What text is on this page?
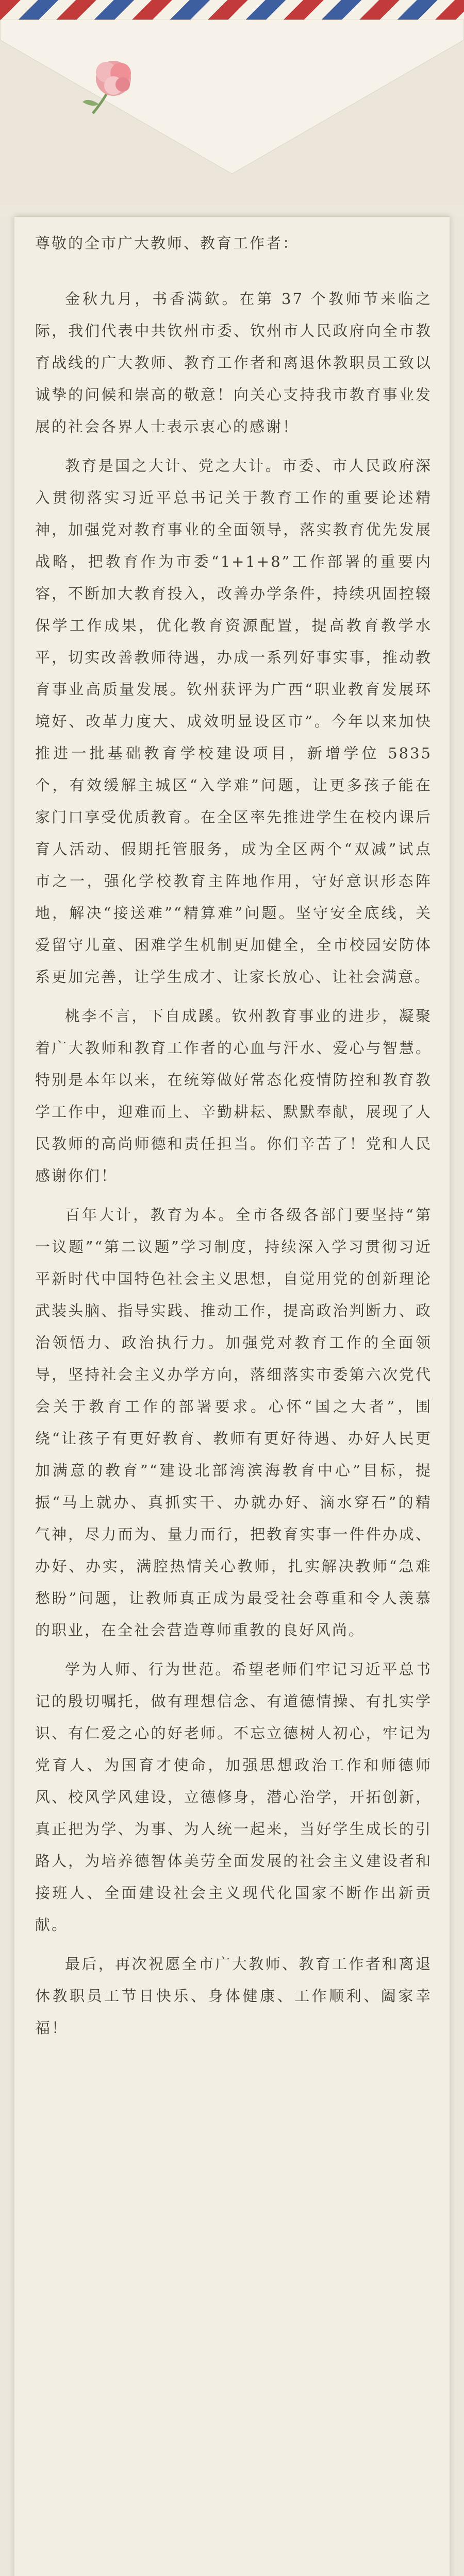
尊敬的全市广大教师、教育工作者：
金秋九月，书香满欽。在第 37 个教师节来临之际，我们代表中共钦州市委、钦州市人民政府向全市教育战线的广大教师、教育工作者和离退休教职员工致以诚挚的问候和崇高的敬意！向关心支持我市教育事业发展的社会各界人士表示衷心的感谢！
教育是国之大计、党之大计。市委、市人民政府深入贯彻落实习近平总书记关于教育工作的重要论述精神，加强党对教育事业的全面领导，落实教育优先发展战略，把教育作为市委“1+1+8”工作部署的重要内容，不断加大教育投入，改善办学条件，持续巩固控辍保学工作成果，优化教育资源配置，提高教育教学水平，切实改善教师待遇，办成一系列好事实事，推动教育事业高质量发展。钦州获评为广西“职业教育发展环境好、改革力度大、成效明显设区市”。今年以来加快推进一批基础教育学校建设项目，新增学位 5835 个，有效缓解主城区“入学难”问题，让更多孩子能在家门口享受优质教育。在全区率先推进学生在校内课后育人活动、假期托管服务，成为全区两个“双减”试点市之一，强化学校教育主阵地作用，守好意识形态阵地，解决“接送难”“精算难”问题。坚守安全底线，关爱留守儿童、困难学生机制更加健全，全市校园安防体系更加完善，让学生成才、让家长放心、让社会满意。
桃李不言，下自成蹊。钦州教育事业的进步，凝聚着广大教师和教育工作者的心血与汗水、爱心与智慧。特别是本年以来，在统筹做好常态化疫情防控和教育教学工作中，迎难而上、辛勤耕耘、默默奉献，展现了人民教师的高尚师德和责任担当。你们辛苦了！党和人民感谢你们！
百年大计，教育为本。全市各级各部门要坚持“第一议题”“第二议题”学习制度，持续深入学习贯彻习近平新时代中国特色社会主义思想，自觉用党的创新理论武装头脑、指导实践、推动工作，提高政治判断力、政治领悟力、政治执行力。加强党对教育工作的全面领导，坚持社会主义办学方向，落细落实市委第六次党代会关于教育工作的部署要求。心怀“国之大者”，围绕“让孩子有更好教育、教师有更好待遇、办好人民更加满意的教育”“建设北部湾滨海教育中心”目标，提振“马上就办、真抓实干、办就办好、滴水穿石”的精气神，尽力而为、量力而行，把教育实事一件件办成、办好、办实，满腔热情关心教师，扎实解决教师“急难愁盼”问题，让教师真正成为最受社会尊重和令人羡慕的职业，在全社会营造尊师重教的良好风尚。
学为人师、行为世范。希望老师们牢记习近平总书记的殷切嘱托，做有理想信念、有道德情操、有扎实学识、有仁爱之心的好老师。不忘立德树人初心，牢记为党育人、为国育才使命，加强思想政治工作和师德师风、校风学风建设，立德修身，潜心治学，开拓创新，真正把为学、为事、为人统一起来，当好学生成长的引路人，为培养德智体美劳全面发展的社会主义建设者和接班人、全面建设社会主义现代化国家不断作出新贡献。
最后，再次祝愿全市广大教师、教育工作者和离退休教职员工节日快乐、身体健康、工作顺利、阖家幸福！
